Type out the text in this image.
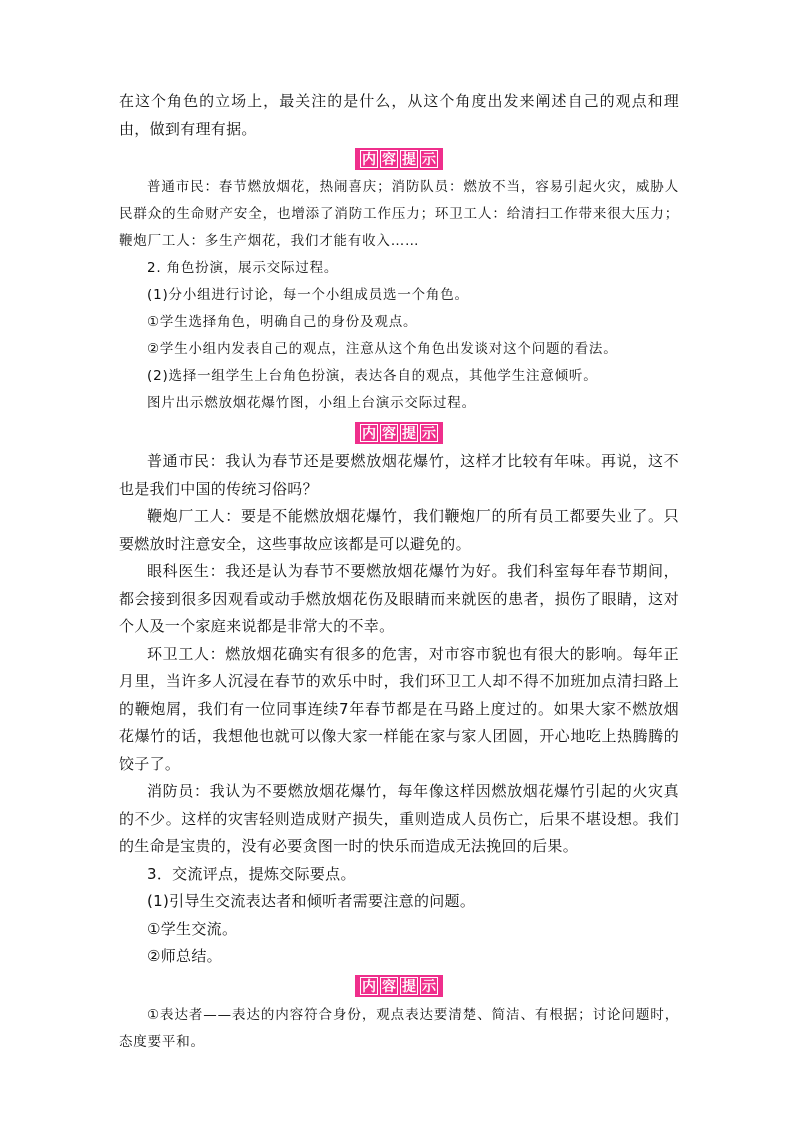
在这个角色的立场上，最关注的是什么，从这个角度出发来阐述自己的观点和理由，做到有理有据。

内 容 提 示

普通市民：春节燃放烟花，热闹喜庆；消防队员：燃放不当，容易引起火灾，威胁人民群众的生命财产安全，也增添了消防工作压力；环卫工人：给清扫工作带来很大压力；鞭炮厂工人：多生产烟花，我们才能有收入……

2. 角色扮演，展示交际过程。

(1)分小组进行讨论，每一个小组成员选一个角色。

①学生选择角色，明确自己的身份及观点。

②学生小组内发表自己的观点，注意从这个角色出发谈对这个问题的看法。

(2)选择一组学生上台角色扮演，表达各自的观点，其他学生注意倾听。

图片出示燃放烟花爆竹图，小组上台演示交际过程。

内 容 提 示

普通市民：我认为春节还是要燃放烟花爆竹，这样才比较有年味。再说，这不也是我们中国的传统习俗吗？

鞭炮厂工人：要是不能燃放烟花爆竹，我们鞭炮厂的所有员工都要失业了。只要燃放时注意安全，这些事故应该都是可以避免的。

眼科医生：我还是认为春节不要燃放烟花爆竹为好。我们科室每年春节期间，都会接到很多因观看或动手燃放烟花伤及眼睛而来就医的患者，损伤了眼睛，这对个人及一个家庭来说都是非常大的不幸。

环卫工人：燃放烟花确实有很多的危害，对市容市貌也有很大的影响。每年正月里，当许多人沉浸在春节的欢乐中时，我们环卫工人却不得不加班加点清扫路上的鞭炮屑，我们有一位同事连续7年春节都是在马路上度过的。如果大家不燃放烟花爆竹的话，我想他也就可以像大家一样能在家与家人团圆，开心地吃上热腾腾的饺子了。

消防员：我认为不要燃放烟花爆竹，每年像这样因燃放烟花爆竹引起的火灾真的不少。这样的灾害轻则造成财产损失，重则造成人员伤亡，后果不堪设想。我们的生命是宝贵的，没有必要贪图一时的快乐而造成无法挽回的后果。

3．交流评点，提炼交际要点。

(1)引导生交流表达者和倾听者需要注意的问题。

①学生交流。

②师总结。

内 容 提 示

①表达者——表达的内容符合身份，观点表达要清楚、简洁、有根据；讨论问题时，态度要平和。
